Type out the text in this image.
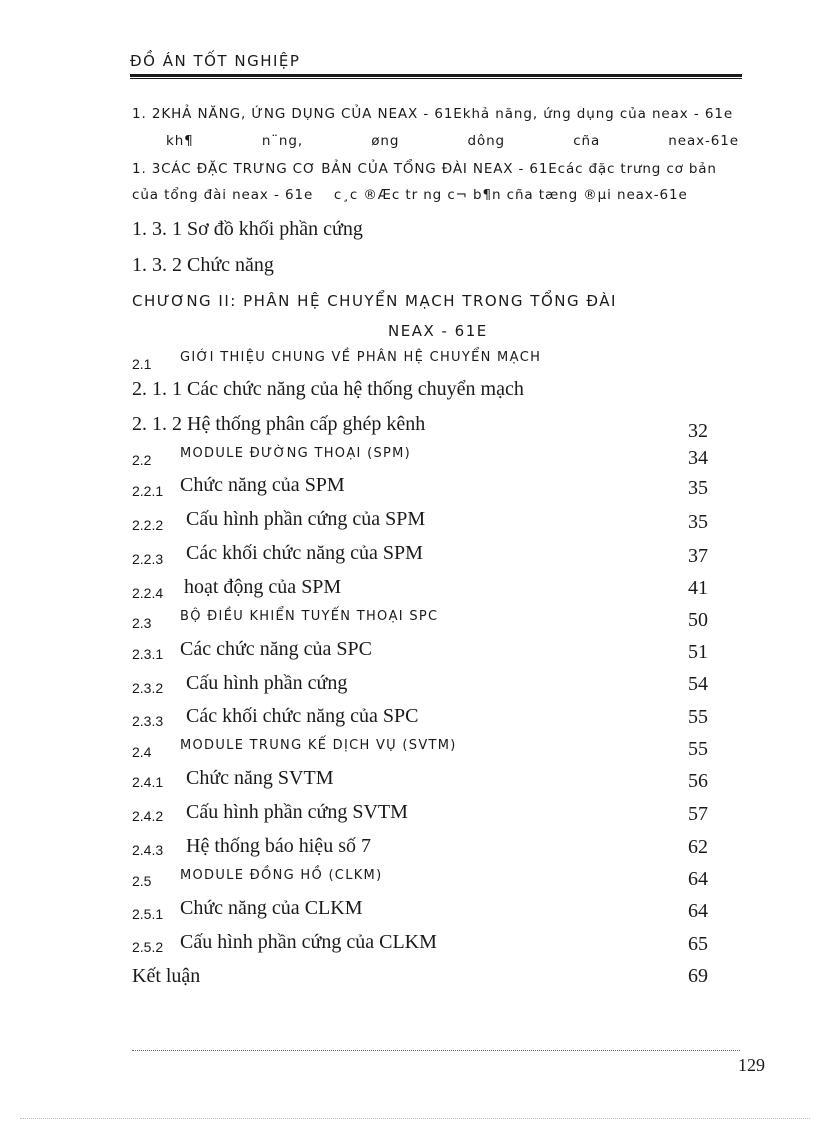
ĐỒ ÁN TỐT NGHIỆP
1. 2KHẢ NĂNG, ỨNG DỤNG CỦA NEAX - 61Ekhả năng, ứng dụng của neax - 61e
kh¶	n¨ng,	øng	dông	cña	neax-61e
1. 3CÁC ĐẶC TRƯNG CƠ BẢN CỦA TỔNG ĐÀI NEAX - 61Ecác đặc trưng cơ bản
của tổng đài neax - 61e    c¸c ®Æc tr ng c¬ b¶n cña tæng ®µi neax-61e
1. 3. 1 Sơ đồ khối phần cứng
1. 3. 2 Chức năng
CHƯƠNG II: PHÂN HỆ CHUYỂN MẠCH TRONG TỔNG ĐÀI
NEAX - 61E
2.1 GIỚI THIỆU CHUNG VỀ PHÂN HỆ CHUYỂN MẠCH
2. 1. 1 Các chức năng của hệ thống chuyển mạch
2. 1. 2 Hệ thống phân cấp ghép kênh	32
2.2 MODULE ĐƯỜNG THOẠI (SPM)	34
2.2.1 Chức năng của SPM	35
2.2.2 Cấu hình phần cứng của SPM	35
2.2.3 Các khối chức năng của SPM	37
2.2.4 hoạt động của SPM	41
2.3 BỘ ĐIỀU KHIỂN TUYẾN THOẠI SPC	50
2.3.1 Các chức năng của SPC	51
2.3.2 Cấu hình phần cứng	54
2.3.3 Các khối chức năng của SPC	55
2.4 MODULE TRUNG KẾ DỊCH VỤ (SVTM)	55
2.4.1 Chức năng SVTM	56
2.4.2 Cấu hình phần cứng SVTM	57
2.4.3 Hệ thống báo hiệu số 7	62
2.5 MODULE ĐỒNG HỒ (CLKM)	64
2.5.1 Chức năng của CLKM	64
2.5.2 Cấu hình phần cứng của CLKM	65
Kết luận	69
129
